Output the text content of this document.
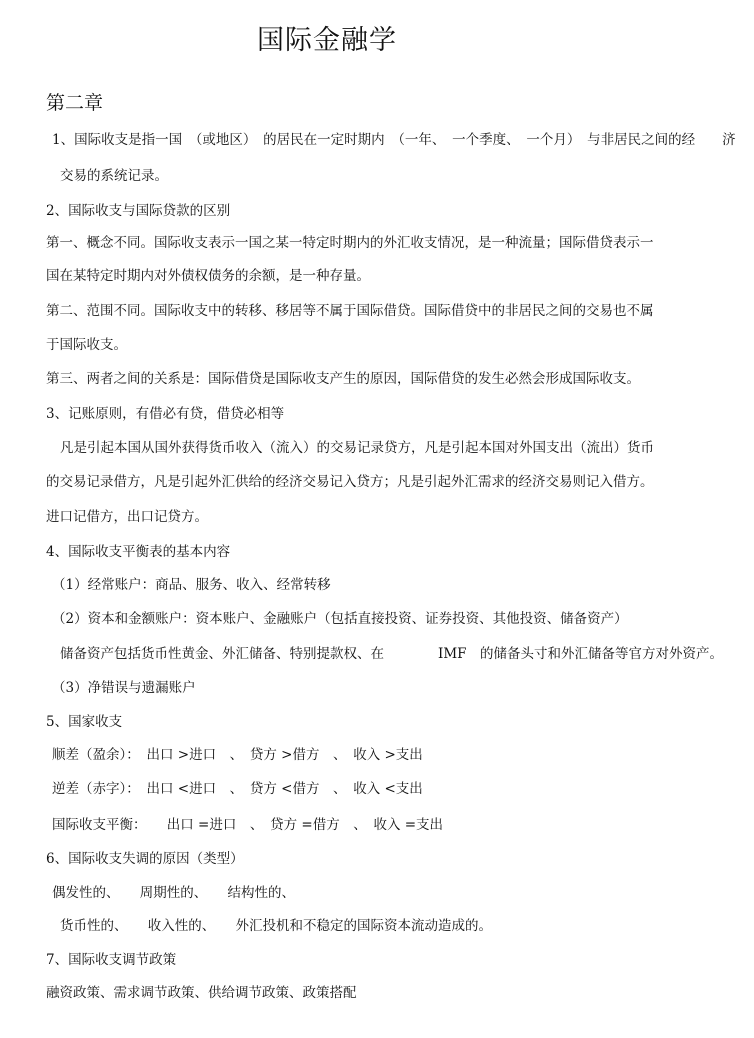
国际金融学
第二章
1、国际收支是指一国　（或地区）　的居民在一定时期内　（一年、　一个季度、　一个月）　与非居民之间的经　　济
交易的系统记录。
2、国际收支与国际贷款的区别
第一、概念不同。国际收支表示一国之某一特定时期内的外汇收支情况，是一种流量；国际借贷表示一
国在某特定时期内对外债权债务的余额，是一种存量。
第二、范围不同。国际收支中的转移、移居等不属于国际借贷。国际借贷中的非居民之间的交易也不属
于国际收支。
第三、两者之间的关系是：国际借贷是国际收支产生的原因，国际借贷的发生必然会形成国际收支。
3、记账原则，有借必有贷，借贷必相等
凡是引起本国从国外获得货币收入（流入）的交易记录贷方，凡是引起本国对外国支出（流出）货币
的交易记录借方，凡是引起外汇供给的经济交易记入贷方；凡是引起外汇需求的经济交易则记入借方。
进口记借方，出口记贷方。
4、国际收支平衡表的基本内容
（1）经常账户：商品、服务、收入、经常转移
（2）资本和金额账户：资本账户、金融账户（包括直接投资、证券投资、其他投资、储备资产）
储备资产包括货币性黄金、外汇储备、特别提款权、在　　　　IMF　的储备头寸和外汇储备等官方对外资产。
（3）净错误与遗漏账户
5、国家收支
顺差（盈余）：　出口 >进口　、　贷方 >借方　、　收入 >支出
逆差（赤字）：　出口 <进口　、　贷方 <借方　、　收入 <支出
国际收支平衡：　　出口 =进口　、　贷方 =借方　、　收入 =支出
6、国际收支失调的原因（类型）
偶发性的、　　周期性的、　　结构性的、
货币性的、　　收入性的、　　外汇投机和不稳定的国际资本流动造成的。
7、国际收支调节政策
融资政策、需求调节政策、供给调节政策、政策搭配
